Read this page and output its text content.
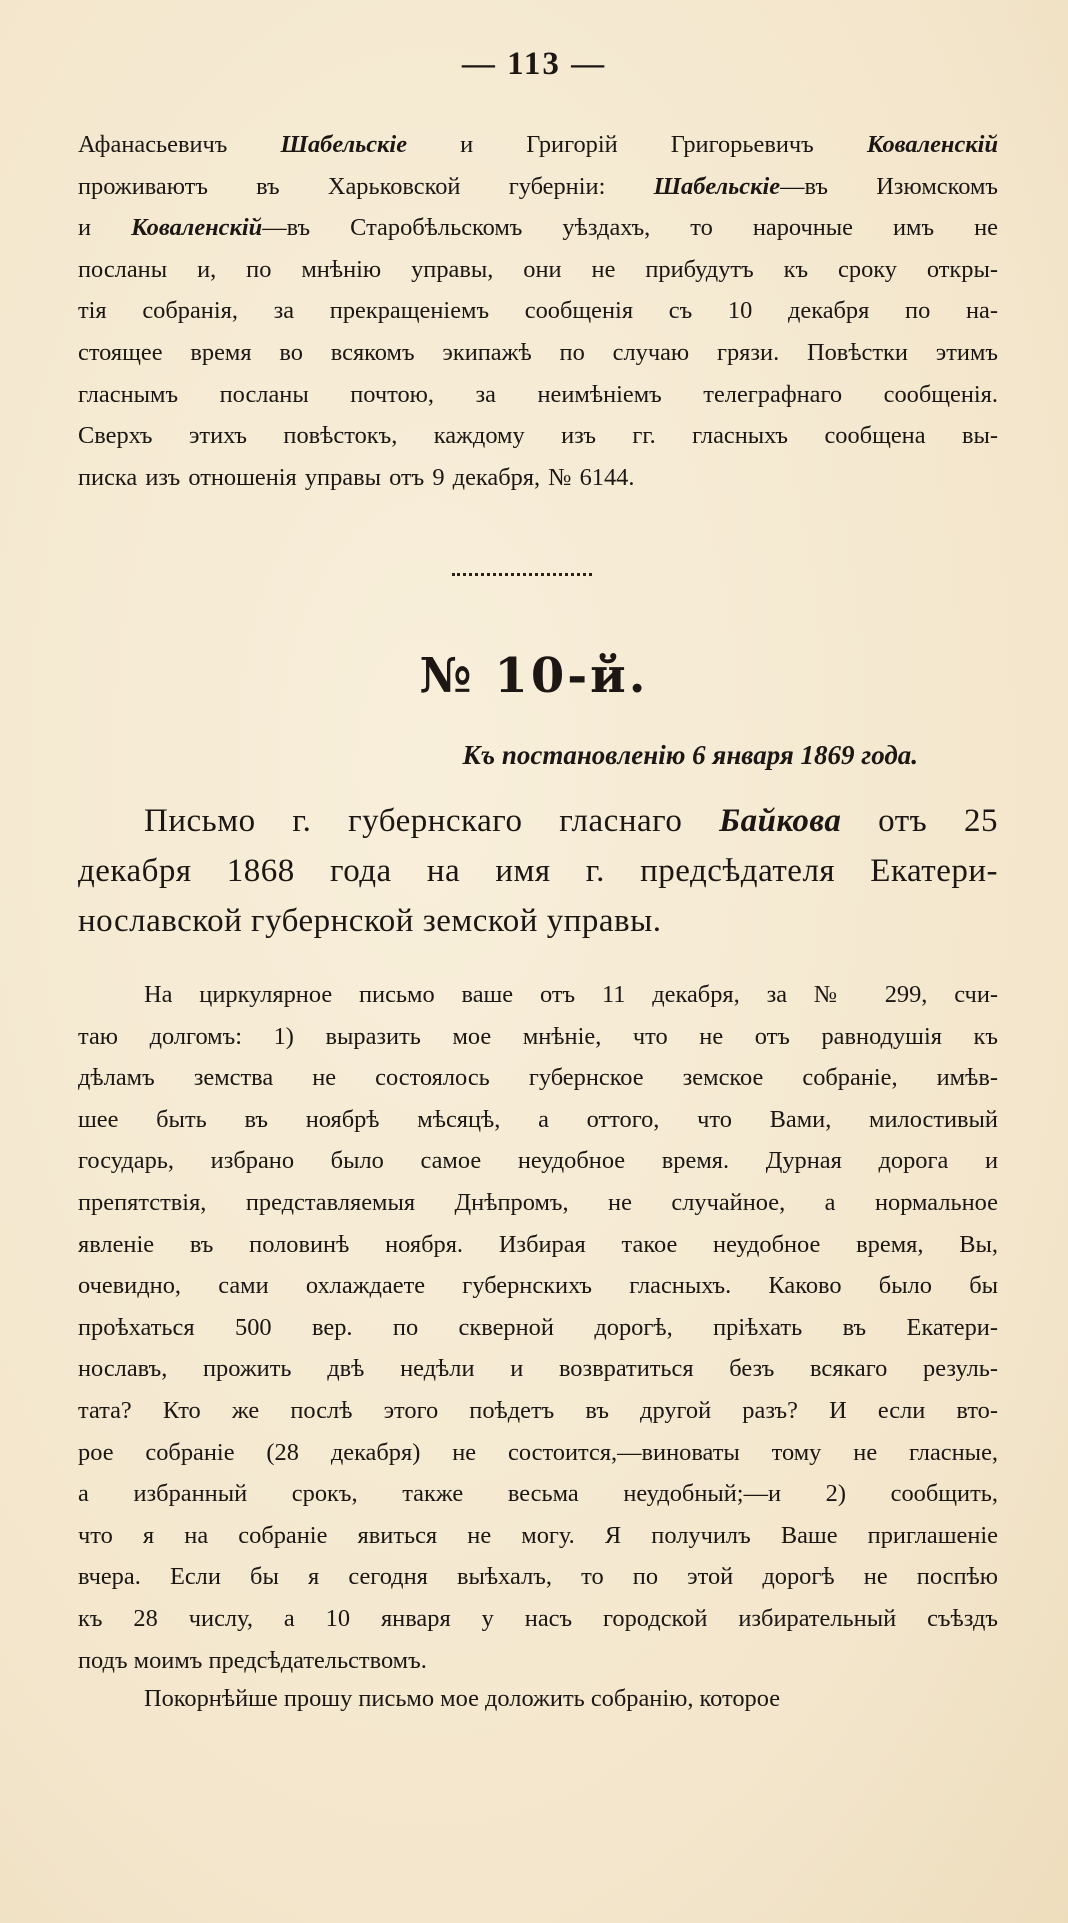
— 113 —
Афанасьевичъ Шабельскіе и Григорій Григорьевичъ Коваленскій
проживаютъ въ Харьковской губерніи: Шабельскіе—въ Изюмскомъ
и Коваленскій—въ Старобѣльскомъ уѣздахъ, то нарочные имъ не
посланы и, по мнѣнію управы, они не прибудутъ къ сроку откры-
тія собранія, за прекращеніемъ сообщенія съ 10 декабря по на-
стоящее время во всякомъ экипажѣ по случаю грязи. Повѣстки этимъ
гласнымъ посланы почтою, за неимѣніемъ телеграфнаго сообщенія.
Сверхъ этихъ повѣстокъ, каждому изъ гг. гласныхъ сообщена вы-
писка изъ отношенія управы отъ 9 декабря, № 6144.
№ 10-й.
Къ постановленію 6 января 1869 года.
Письмо г. губернскаго гласнаго Байкова отъ 25
декабря 1868 года на имя г. предсѣдателя Екатери-
нославской губернской земской управы.
На циркулярное письмо ваше отъ 11 декабря, за № 299, счи-
таю долгомъ: 1) выразить мое мнѣніе, что не отъ равнодушія къ
дѣламъ земства не состоялось губернское земское собраніе, имѣв-
шее быть въ ноябрѣ мѣсяцѣ, а оттого, что Вами, милостивый
государь, избрано было самое неудобное время. Дурная дорога и
препятствія, представляемыя Днѣпромъ, не случайное, а нормальное
явленіе въ половинѣ ноября. Избирая такое неудобное время, Вы,
очевидно, сами охлаждаете губернскихъ гласныхъ. Каково было бы
проѣхаться 500 вер. по скверной дорогѣ, пріѣхать въ Екатери-
нославъ, прожить двѣ недѣли и возвратиться безъ всякаго резуль-
тата? Кто же послѣ этого поѣдетъ въ другой разъ? И если вто-
рое собраніе (28 декабря) не состоится,—виноваты тому не гласные,
а избранный срокъ, также весьма неудобный;—и 2) сообщить,
что я на собраніе явиться не могу. Я получилъ Ваше приглашеніе
вчера. Если бы я сегодня выѣхалъ, то по этой дорогѣ не поспѣю
къ 28 числу, а 10 января у насъ городской избирательный съѣздъ
подъ моимъ предсѣдательствомъ.
Покорнѣйше прошу письмо мое доложить собранію, которое
